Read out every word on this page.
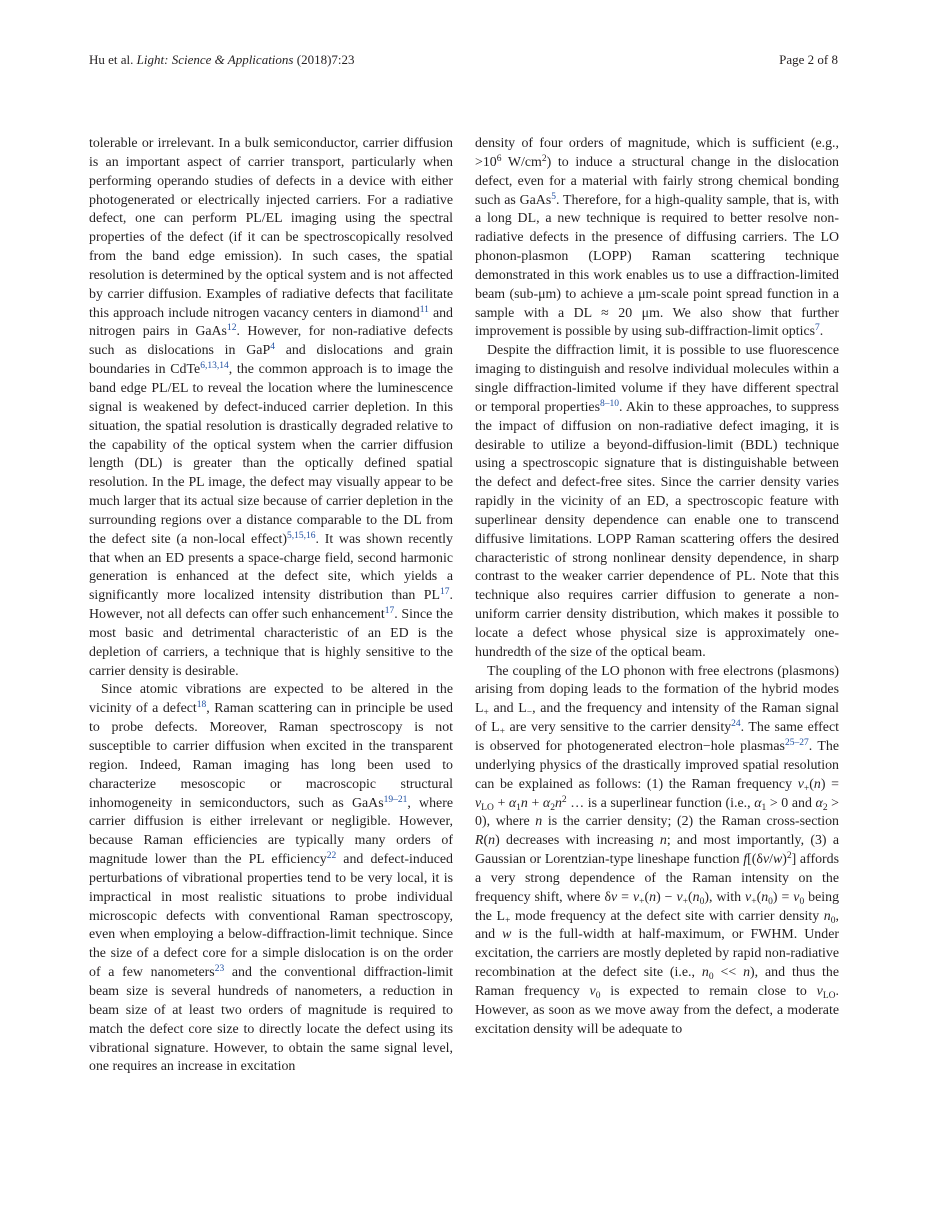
Hu et al. Light: Science & Applications (2018)7:23	Page 2 of 8

tolerable or irrelevant. In a bulk semiconductor, carrier diffusion is an important aspect of carrier transport, particularly when performing operando studies of defects in a device with either photogenerated or electrically injected carriers. For a radiative defect, one can perform PL/EL imaging using the spectral properties of the defect (if it can be spectroscopically resolved from the band edge emission). In such cases, the spatial resolution is determined by the optical system and is not affected by carrier diffusion. Examples of radiative defects that facilitate this approach include nitrogen vacancy centers in diamond$^{11}$ and nitrogen pairs in GaAs$^{12}$. However, for non-radiative defects such as dislocations in GaP$^4$ and dislocations and grain boundaries in CdTe$^{6,13,14}$, the common approach is to image the band edge PL/EL to reveal the location where the luminescence signal is weakened by defect-induced carrier depletion. In this situation, the spatial resolution is drastically degraded relative to the capability of the optical system when the carrier diffusion length (DL) is greater than the optically defined spatial resolution. In the PL image, the defect may visually appear to be much larger that its actual size because of carrier depletion in the surrounding regions over a distance comparable to the DL from the defect site (a non-local effect)$^{5,15,16}$. It was shown recently that when an ED presents a space-charge field, second harmonic generation is enhanced at the defect site, which yields a significantly more localized intensity distribution than PL$^{17}$. However, not all defects can offer such enhancement$^{17}$. Since the most basic and detrimental characteristic of an ED is the depletion of carriers, a technique that is highly sensitive to the carrier density is desirable.

Since atomic vibrations are expected to be altered in the vicinity of a defect$^{18}$, Raman scattering can in principle be used to probe defects. Moreover, Raman spectroscopy is not susceptible to carrier diffusion when excited in the transparent region. Indeed, Raman imaging has long been used to characterize mesoscopic or macroscopic structural inhomogeneity in semiconductors, such as GaAs$^{19-21}$, where carrier diffusion is either irrelevant or negligible. However, because Raman efficiencies are typically many orders of magnitude lower than the PL efficiency$^{22}$ and defect-induced perturbations of vibrational properties tend to be very local, it is impractical in most realistic situations to probe individual microscopic defects with conventional Raman spectroscopy, even when employing a below-diffraction-limit technique. Since the size of a defect core for a simple dislocation is on the order of a few nanometers$^{23}$ and the conventional diffraction-limit beam size is several hundreds of nanometers, a reduction in beam size of at least two orders of magnitude is required to match the defect core size to directly locate the defect using its vibrational signature. However, to obtain the same signal level, one requires an increase in excitation

density of four orders of magnitude, which is sufficient (e.g., $>10^6$ $W/cm^2$) to induce a structural change in the dislocation defect, even for a material with fairly strong chemical bonding such as GaAs$^5$. Therefore, for a high-quality sample, that is, with a long DL, a new technique is required to better resolve non-radiative defects in the presence of diffusing carriers. The LO phonon-plasmon (LOPP) Raman scattering technique demonstrated in this work enables us to use a diffraction-limited beam (sub-μm) to achieve a μm-scale point spread function in a sample with a DL ≈ 20 μm. We also show that further improvement is possible by using sub-diffraction-limit optics$^7$.

Despite the diffraction limit, it is possible to use fluorescence imaging to distinguish and resolve individual molecules within a single diffraction-limited volume if they have different spectral or temporal properties$^{8-10}$. Akin to these approaches, to suppress the impact of diffusion on non-radiative defect imaging, it is desirable to utilize a beyond-diffusion-limit (BDL) technique using a spectroscopic signature that is distinguishable between the defect and defect-free sites. Since the carrier density varies rapidly in the vicinity of an ED, a spectroscopic feature with superlinear density dependence can enable one to transcend diffusive limitations. LOPP Raman scattering offers the desired characteristic of strong nonlinear density dependence, in sharp contrast to the weaker carrier dependence of PL. Note that this technique also requires carrier diffusion to generate a non-uniform carrier density distribution, which makes it possible to locate a defect whose physical size is approximately one-hundredth of the size of the optical beam.

The coupling of the LO phonon with free electrons (plasmons) arising from doping leads to the formation of the hybrid modes $L_+$ and $L_-$, and the frequency and intensity of the Raman signal of $L_+$ are very sensitive to the carrier density$^{24}$. The same effect is observed for photogenerated electron−hole plasmas$^{25-27}$. The underlying physics of the drastically improved spatial resolution can be explained as follows: (1) the Raman frequency $\nu_+(n) = \nu_{LO} + \alpha_1n + \alpha_2n^2$ … is a superlinear function (i.e., $\alpha_1 > 0$ and $\alpha_2 > 0$), where n is the carrier density; (2) the Raman cross-section R(n) decreases with increasing n; and most importantly, (3) a Gaussian or Lorentzian-type lineshape function $f[(\delta\nu/w)^2]$ affords a very strong dependence of the Raman intensity on the frequency shift, where $\delta\nu = \nu_+(n) - \nu_+(n_0)$, with $\nu_+(n_0) = \nu_0$ being the $L_+$ mode frequency at the defect site with carrier density $n_0$, and w is the full-width at half-maximum, or FWHM. Under excitation, the carriers are mostly depleted by rapid non-radiative recombination at the defect site (i.e., $n_0 << n$), and thus the Raman frequency $\nu_0$ is expected to remain close to $\nu_{LO}$. However, as soon as we move away from the defect, a moderate excitation density will be adequate to
